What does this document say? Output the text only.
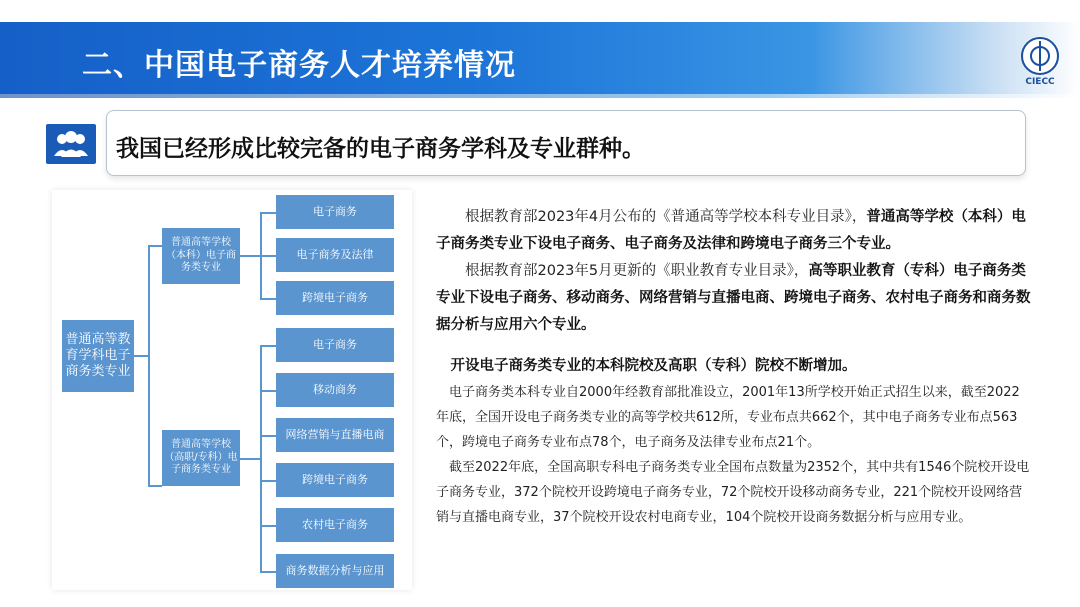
二、中国电子商务人才培养情况	CIECC
我国已经形成比较完备的电子商务学科及专业群种。
普通高等教育学科电子商务类专业
普通高等学校（本科）电子商务类专业
普通高等学校（高职/专科）电子商务类专业
电子商务
电子商务及法律
跨境电子商务
电子商务
移动商务
网络营销与直播电商
跨境电子商务
农村电子商务
商务数据分析与应用

根据教育部2023年4月公布的《普通高等学校本科专业目录》，普通高等学校（本科）电子商务类专业下设电子商务、电子商务及法律和跨境电子商务三个专业。

根据教育部2023年5月更新的《职业教育专业目录》，高等职业教育（专科）电子商务类专业下设电子商务、移动商务、网络营销与直播电商、跨境电子商务、农村电子商务和商务数据分析与应用六个专业。

开设电子商务类专业的本科院校及高职（专科）院校不断增加。

电子商务类本科专业自2000年经教育部批准设立，2001年13所学校开始正式招生以来，截至2022年底，全国开设电子商务类专业的高等学校共612所，专业布点共662个，其中电子商务专业布点563个，跨境电子商务专业布点78个，电子商务及法律专业布点21个。

截至2022年底，全国高职专科电子商务类专业全国布点数量为2352个，其中共有1546个院校开设电子商务专业，372个院校开设跨境电子商务专业，72个院校开设移动商务专业，221个院校开设网络营销与直播电商专业，37个院校开设农村电商专业，104个院校开设商务数据分析与应用专业。
